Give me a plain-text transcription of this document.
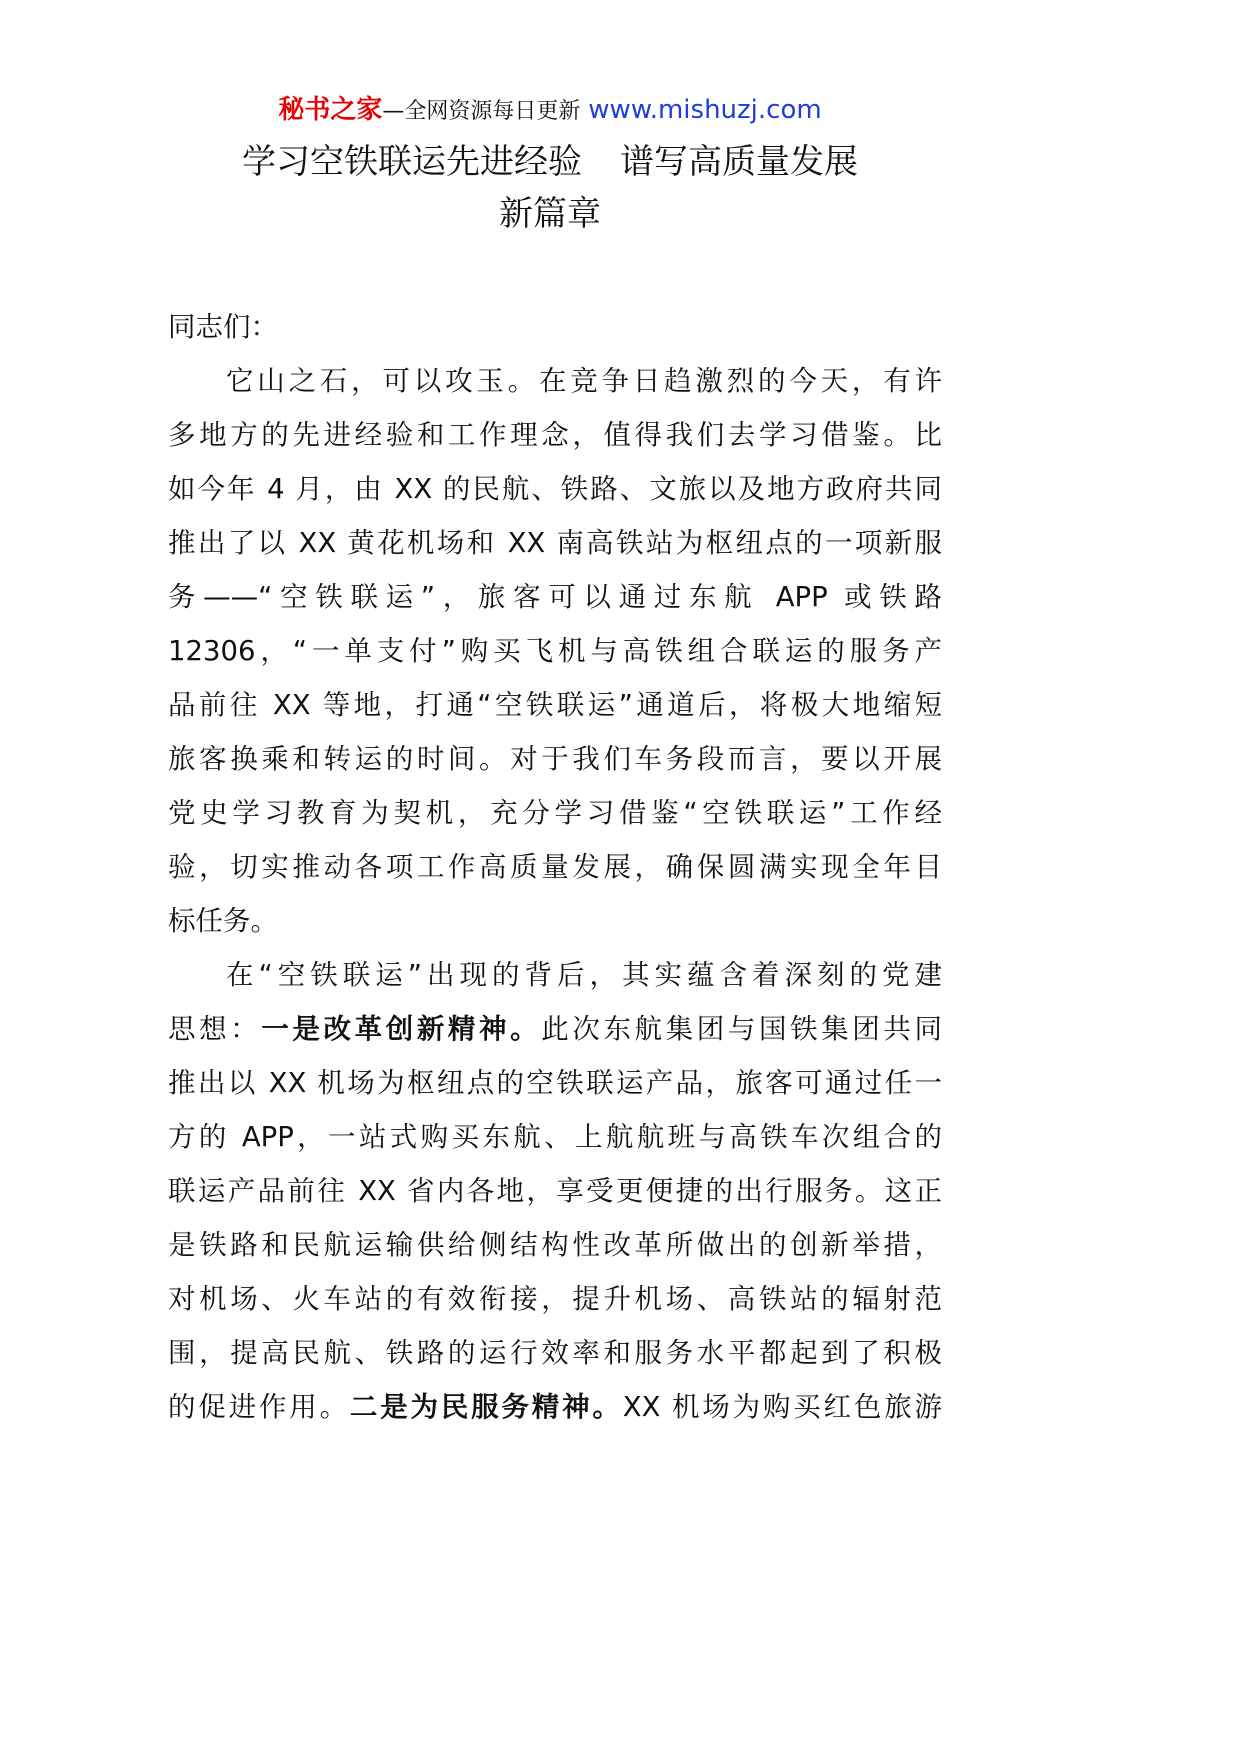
秘书之家—全网资源每日更新 www.mishuzj.com
学习空铁联运先进经验 谱写高质量发展
新篇章
同志们：
它山之石，可以攻玉。在竞争日趋激烈的今天，有许
多地方的先进经验和工作理念，值得我们去学习借鉴。比
如今年 4 月，由 XX 的民航、铁路、文旅以及地方政府共同
推出了以 XX 黄花机场和 XX 南高铁站为枢纽点的一项新服
务——“空铁联运”，旅客可以通过东航 APP 或铁路
12306，“一单支付”购买飞机与高铁组合联运的服务产
品前往 XX 等地，打通“空铁联运”通道后，将极大地缩短
旅客换乘和转运的时间。对于我们车务段而言，要以开展
党史学习教育为契机，充分学习借鉴“空铁联运”工作经
验，切实推动各项工作高质量发展，确保圆满实现全年目
标任务。
在“空铁联运”出现的背后，其实蕴含着深刻的党建
思想：一是改革创新精神。此次东航集团与国铁集团共同
推出以 XX 机场为枢纽点的空铁联运产品，旅客可通过任一
方的 APP，一站式购买东航、上航航班与高铁车次组合的
联运产品前往 XX 省内各地，享受更便捷的出行服务。这正
是铁路和民航运输供给侧结构性改革所做出的创新举措，
对机场、火车站的有效衔接，提升机场、高铁站的辐射范
围，提高民航、铁路的运行效率和服务水平都起到了积极
的促进作用。二是为民服务精神。XX 机场为购买红色旅游
